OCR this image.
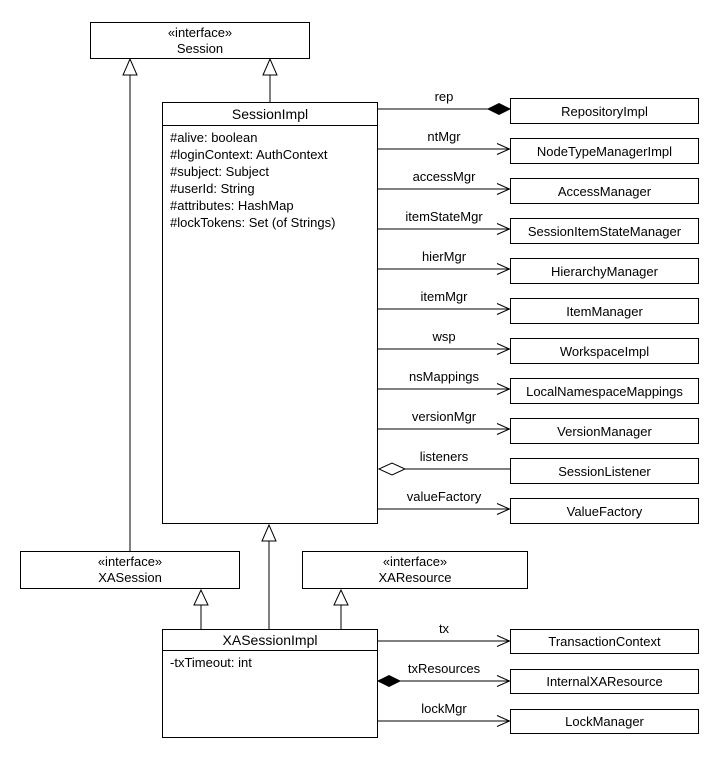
«interface»
Session
SessionImpl
#alive: boolean
#loginContext: AuthContext
#subject: Subject
#userId: String
#attributes: HashMap
#lockTokens: Set (of Strings)
«interface»
XASession
«interface»
XAResource
XASessionImpl
-txTimeout: int
RepositoryImpl
NodeTypeManagerImpl
AccessManager
SessionItemStateManager
HierarchyManager
ItemManager
WorkspaceImpl
LocalNamespaceMappings
VersionManager
SessionListener
ValueFactory
TransactionContext
InternalXAResource
LockManager
rep
ntMgr
accessMgr
itemStateMgr
hierMgr
itemMgr
wsp
nsMappings
versionMgr
listeners
valueFactory
tx
txResources
lockMgr
